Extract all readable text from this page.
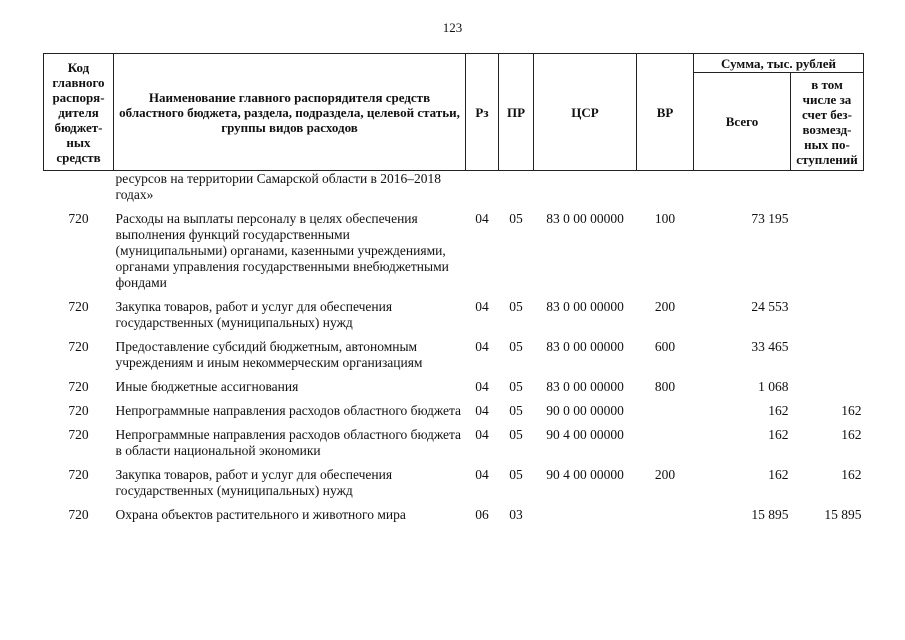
123
Код главного распоря-дителя бюджет-ных средств	Наименование главного распорядителя средств областного бюджета, раздела, подраздела, целевой статьи, группы видов расходов	Рз	ПР	ЦСР	ВР	Сумма, тыс. рублей	
						Всего	в том числе за счет без-возмезд-ных по-ступлений
	ресурсов на территории Самарской области в 2016–2018 годах»						
720	Расходы на выплаты персоналу в целях обеспечения выполнения функций государственными (муниципальными) органами, казенными учреждениями, органами управления государственными внебюджетными фондами	04	05	83 0 00 00000	100	73 195	
720	Закупка товаров, работ и услуг для обеспечения государственных (муниципальных) нужд	04	05	83 0 00 00000	200	24 553	
720	Предоставление субсидий бюджетным, автономным учреждениям и иным некоммерческим организациям	04	05	83 0 00 00000	600	33 465	
720	Иные бюджетные ассигнования	04	05	83 0 00 00000	800	1 068	
720	Непрограммные направления расходов областного бюджета	04	05	90 0 00 00000		162	162
720	Непрограммные направления расходов областного бюджета в области национальной экономики	04	05	90 4 00 00000		162	162
720	Закупка товаров, работ и услуг для обеспечения государственных (муниципальных) нужд	04	05	90 4 00 00000	200	162	162
720	Охрана объектов растительного и животного мира	06	03			15 895	15 895
